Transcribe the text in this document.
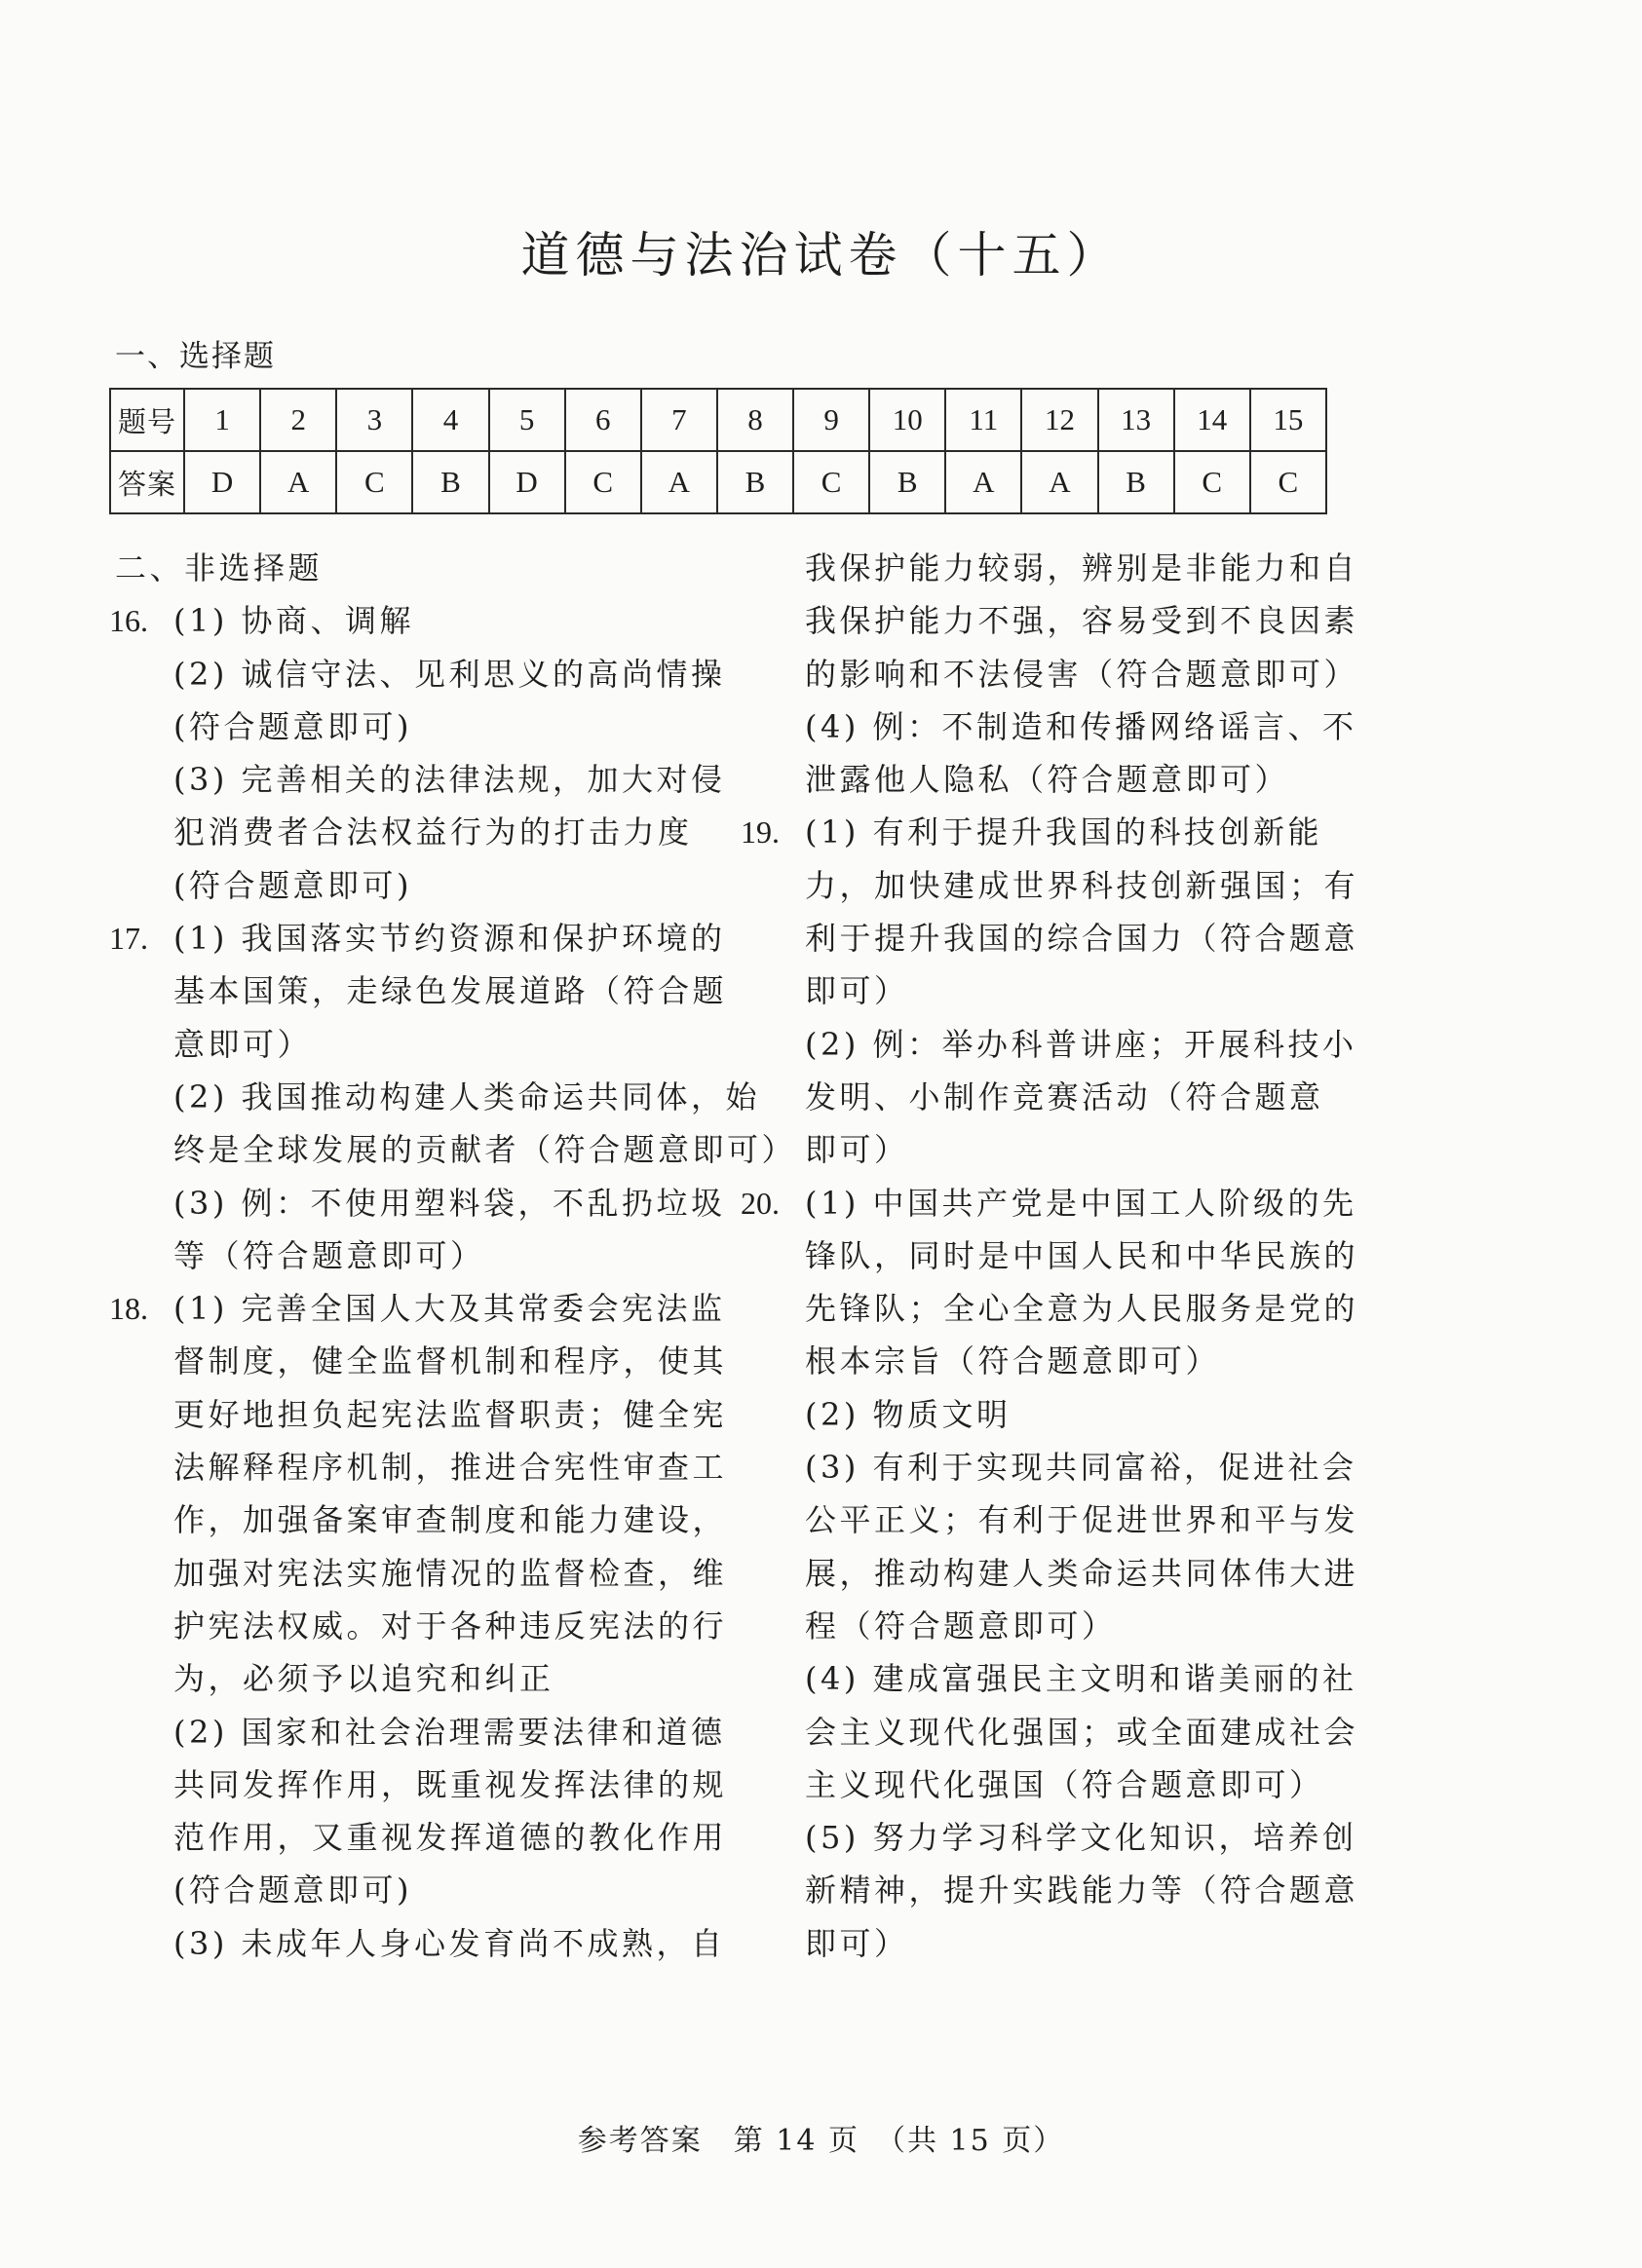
道德与法治试卷（十五）
一、选择题
题号	1	2	3	4	5	6	7	8	9	10	11	12	13	14	15
答案	D	A	C	B	D	C	A	B	C	B	A	A	B	C	C
二、非选择题
16. (1) 协商、调解
(2) 诚信守法、见利思义的高尚情操
(符合题意即可)
(3) 完善相关的法律法规，加大对侵
犯消费者合法权益行为的打击力度
(符合题意即可)
17. (1) 我国落实节约资源和保护环境的
基本国策，走绿色发展道路（符合题
意即可）
(2) 我国推动构建人类命运共同体，始
终是全球发展的贡献者（符合题意即可）
(3) 例：不使用塑料袋，不乱扔垃圾
等（符合题意即可）
18. (1) 完善全国人大及其常委会宪法监
督制度，健全监督机制和程序，使其
更好地担负起宪法监督职责；健全宪
法解释程序机制，推进合宪性审查工
作，加强备案审查制度和能力建设，
加强对宪法实施情况的监督检查，维
护宪法权威。对于各种违反宪法的行
为，必须予以追究和纠正
(2) 国家和社会治理需要法律和道德
共同发挥作用，既重视发挥法律的规
范作用，又重视发挥道德的教化作用
(符合题意即可)
(3) 未成年人身心发育尚不成熟，自
我保护能力较弱，辨别是非能力和自
我保护能力不强，容易受到不良因素
的影响和不法侵害（符合题意即可）
(4) 例：不制造和传播网络谣言、不
泄露他人隐私（符合题意即可）
19. (1) 有利于提升我国的科技创新能
力，加快建成世界科技创新强国；有
利于提升我国的综合国力（符合题意
即可）
(2) 例：举办科普讲座；开展科技小
发明、小制作竞赛活动（符合题意
即可）
20. (1) 中国共产党是中国工人阶级的先
锋队，同时是中国人民和中华民族的
先锋队；全心全意为人民服务是党的
根本宗旨（符合题意即可）
(2) 物质文明
(3) 有利于实现共同富裕，促进社会
公平正义；有利于促进世界和平与发
展，推动构建人类命运共同体伟大进
程（符合题意即可）
(4) 建成富强民主文明和谐美丽的社
会主义现代化强国；或全面建成社会
主义现代化强国（符合题意即可）
(5) 努力学习科学文化知识，培养创
新精神，提升实践能力等（符合题意
即可）
参考答案　第 14 页　（共 15 页）
